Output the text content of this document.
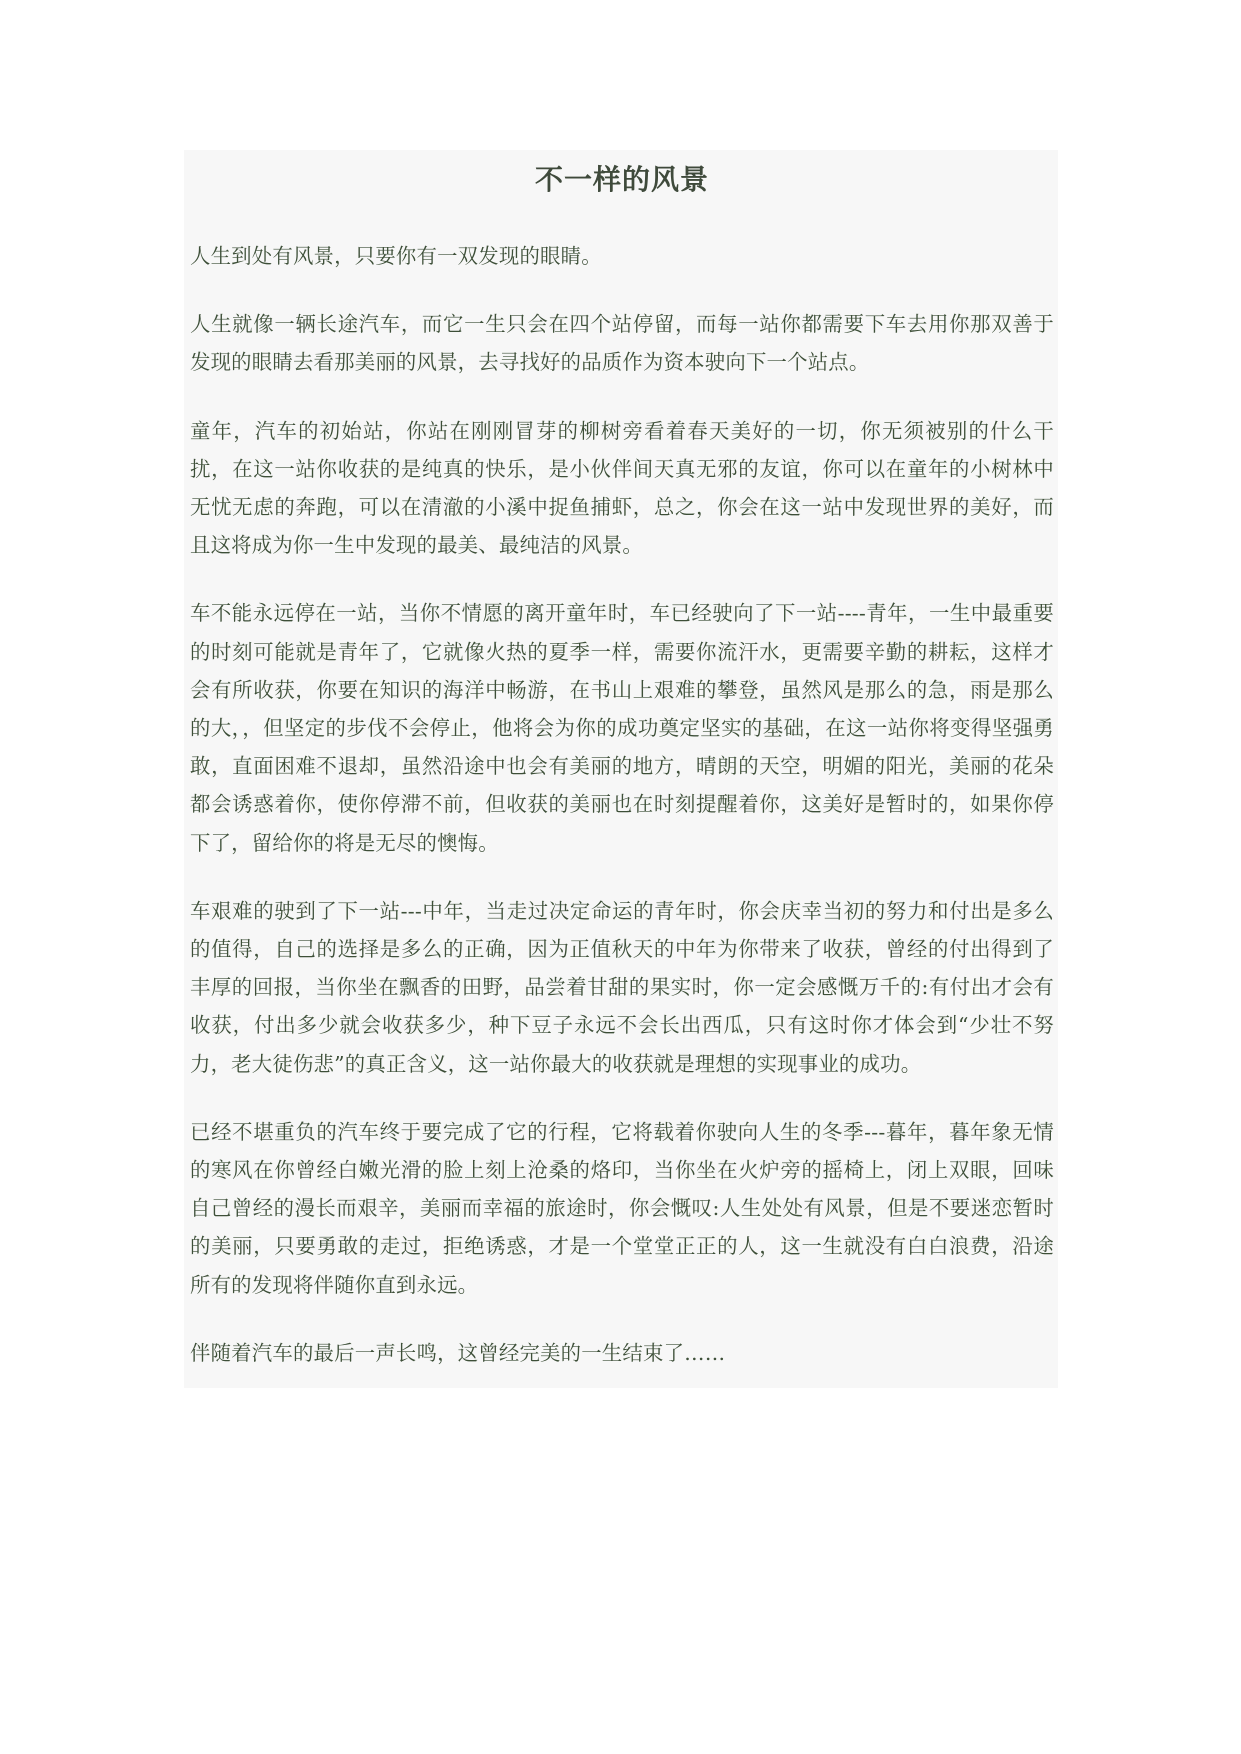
不一样的风景

人生到处有风景，只要你有一双发现的眼睛。

人生就像一辆长途汽车，而它一生只会在四个站停留，而每一站你都需要下车去用你那双善于发现的眼睛去看那美丽的风景，去寻找好的品质作为资本驶向下一个站点。

童年，汽车的初始站，你站在刚刚冒芽的柳树旁看着春天美好的一切，你无须被别的什么干扰，在这一站你收获的是纯真的快乐，是小伙伴间天真无邪的友谊，你可以在童年的小树林中无忧无虑的奔跑，可以在清澈的小溪中捉鱼捕虾，总之，你会在这一站中发现世界的美好，而且这将成为你一生中发现的最美、最纯洁的风景。

车不能永远停在一站，当你不情愿的离开童年时，车已经驶向了下一站----青年，一生中最重要的时刻可能就是青年了，它就像火热的夏季一样，需要你流汗水，更需要辛勤的耕耘，这样才会有所收获，你要在知识的海洋中畅游，在书山上艰难的攀登，虽然风是那么的急，雨是那么的大，，但坚定的步伐不会停止，他将会为你的成功奠定坚实的基础，在这一站你将变得坚强勇敢，直面困难不退却，虽然沿途中也会有美丽的地方，晴朗的天空，明媚的阳光，美丽的花朵都会诱惑着你，使你停滞不前，但收获的美丽也在时刻提醒着你，这美好是暂时的，如果你停下了，留给你的将是无尽的懊悔。

车艰难的驶到了下一站---中年，当走过决定命运的青年时，你会庆幸当初的努力和付出是多么的值得，自己的选择是多么的正确，因为正值秋天的中年为你带来了收获，曾经的付出得到了丰厚的回报，当你坐在飘香的田野，品尝着甘甜的果实时，你一定会感慨万千的:有付出才会有收获，付出多少就会收获多少，种下豆子永远不会长出西瓜，只有这时你才体会到“少壮不努力，老大徒伤悲”的真正含义，这一站你最大的收获就是理想的实现事业的成功。

已经不堪重负的汽车终于要完成了它的行程，它将载着你驶向人生的冬季---暮年，暮年象无情的寒风在你曾经白嫩光滑的脸上刻上沧桑的烙印，当你坐在火炉旁的摇椅上，闭上双眼，回味自己曾经的漫长而艰辛，美丽而幸福的旅途时，你会慨叹:人生处处有风景，但是不要迷恋暂时的美丽，只要勇敢的走过，拒绝诱惑，才是一个堂堂正正的人，这一生就没有白白浪费，沿途所有的发现将伴随你直到永远。

伴随着汽车的最后一声长鸣，这曾经完美的一生结束了……
